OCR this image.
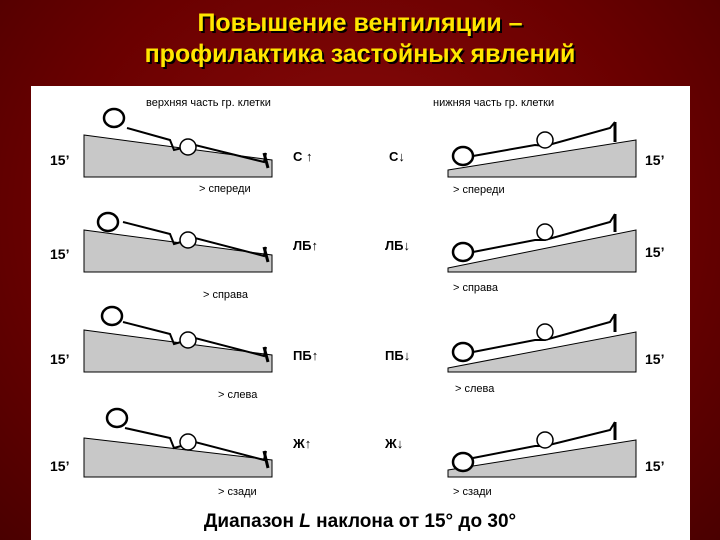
Повышение вентиляции –
профилактика застойных явлений
верхняя часть гр. клетки	нижняя часть гр. клетки
15’	15’
С ↑	С↓
> спереди	> спереди
15’	15’
ЛБ↑	ЛБ↓
> справа
> справа
15’	15’
ПБ↑	ПБ↓
> слева	> слева
15’	15’
Ж↑	Ж↓
> сзади	> сзади
Диапазон L наклона от 15° до 30°
